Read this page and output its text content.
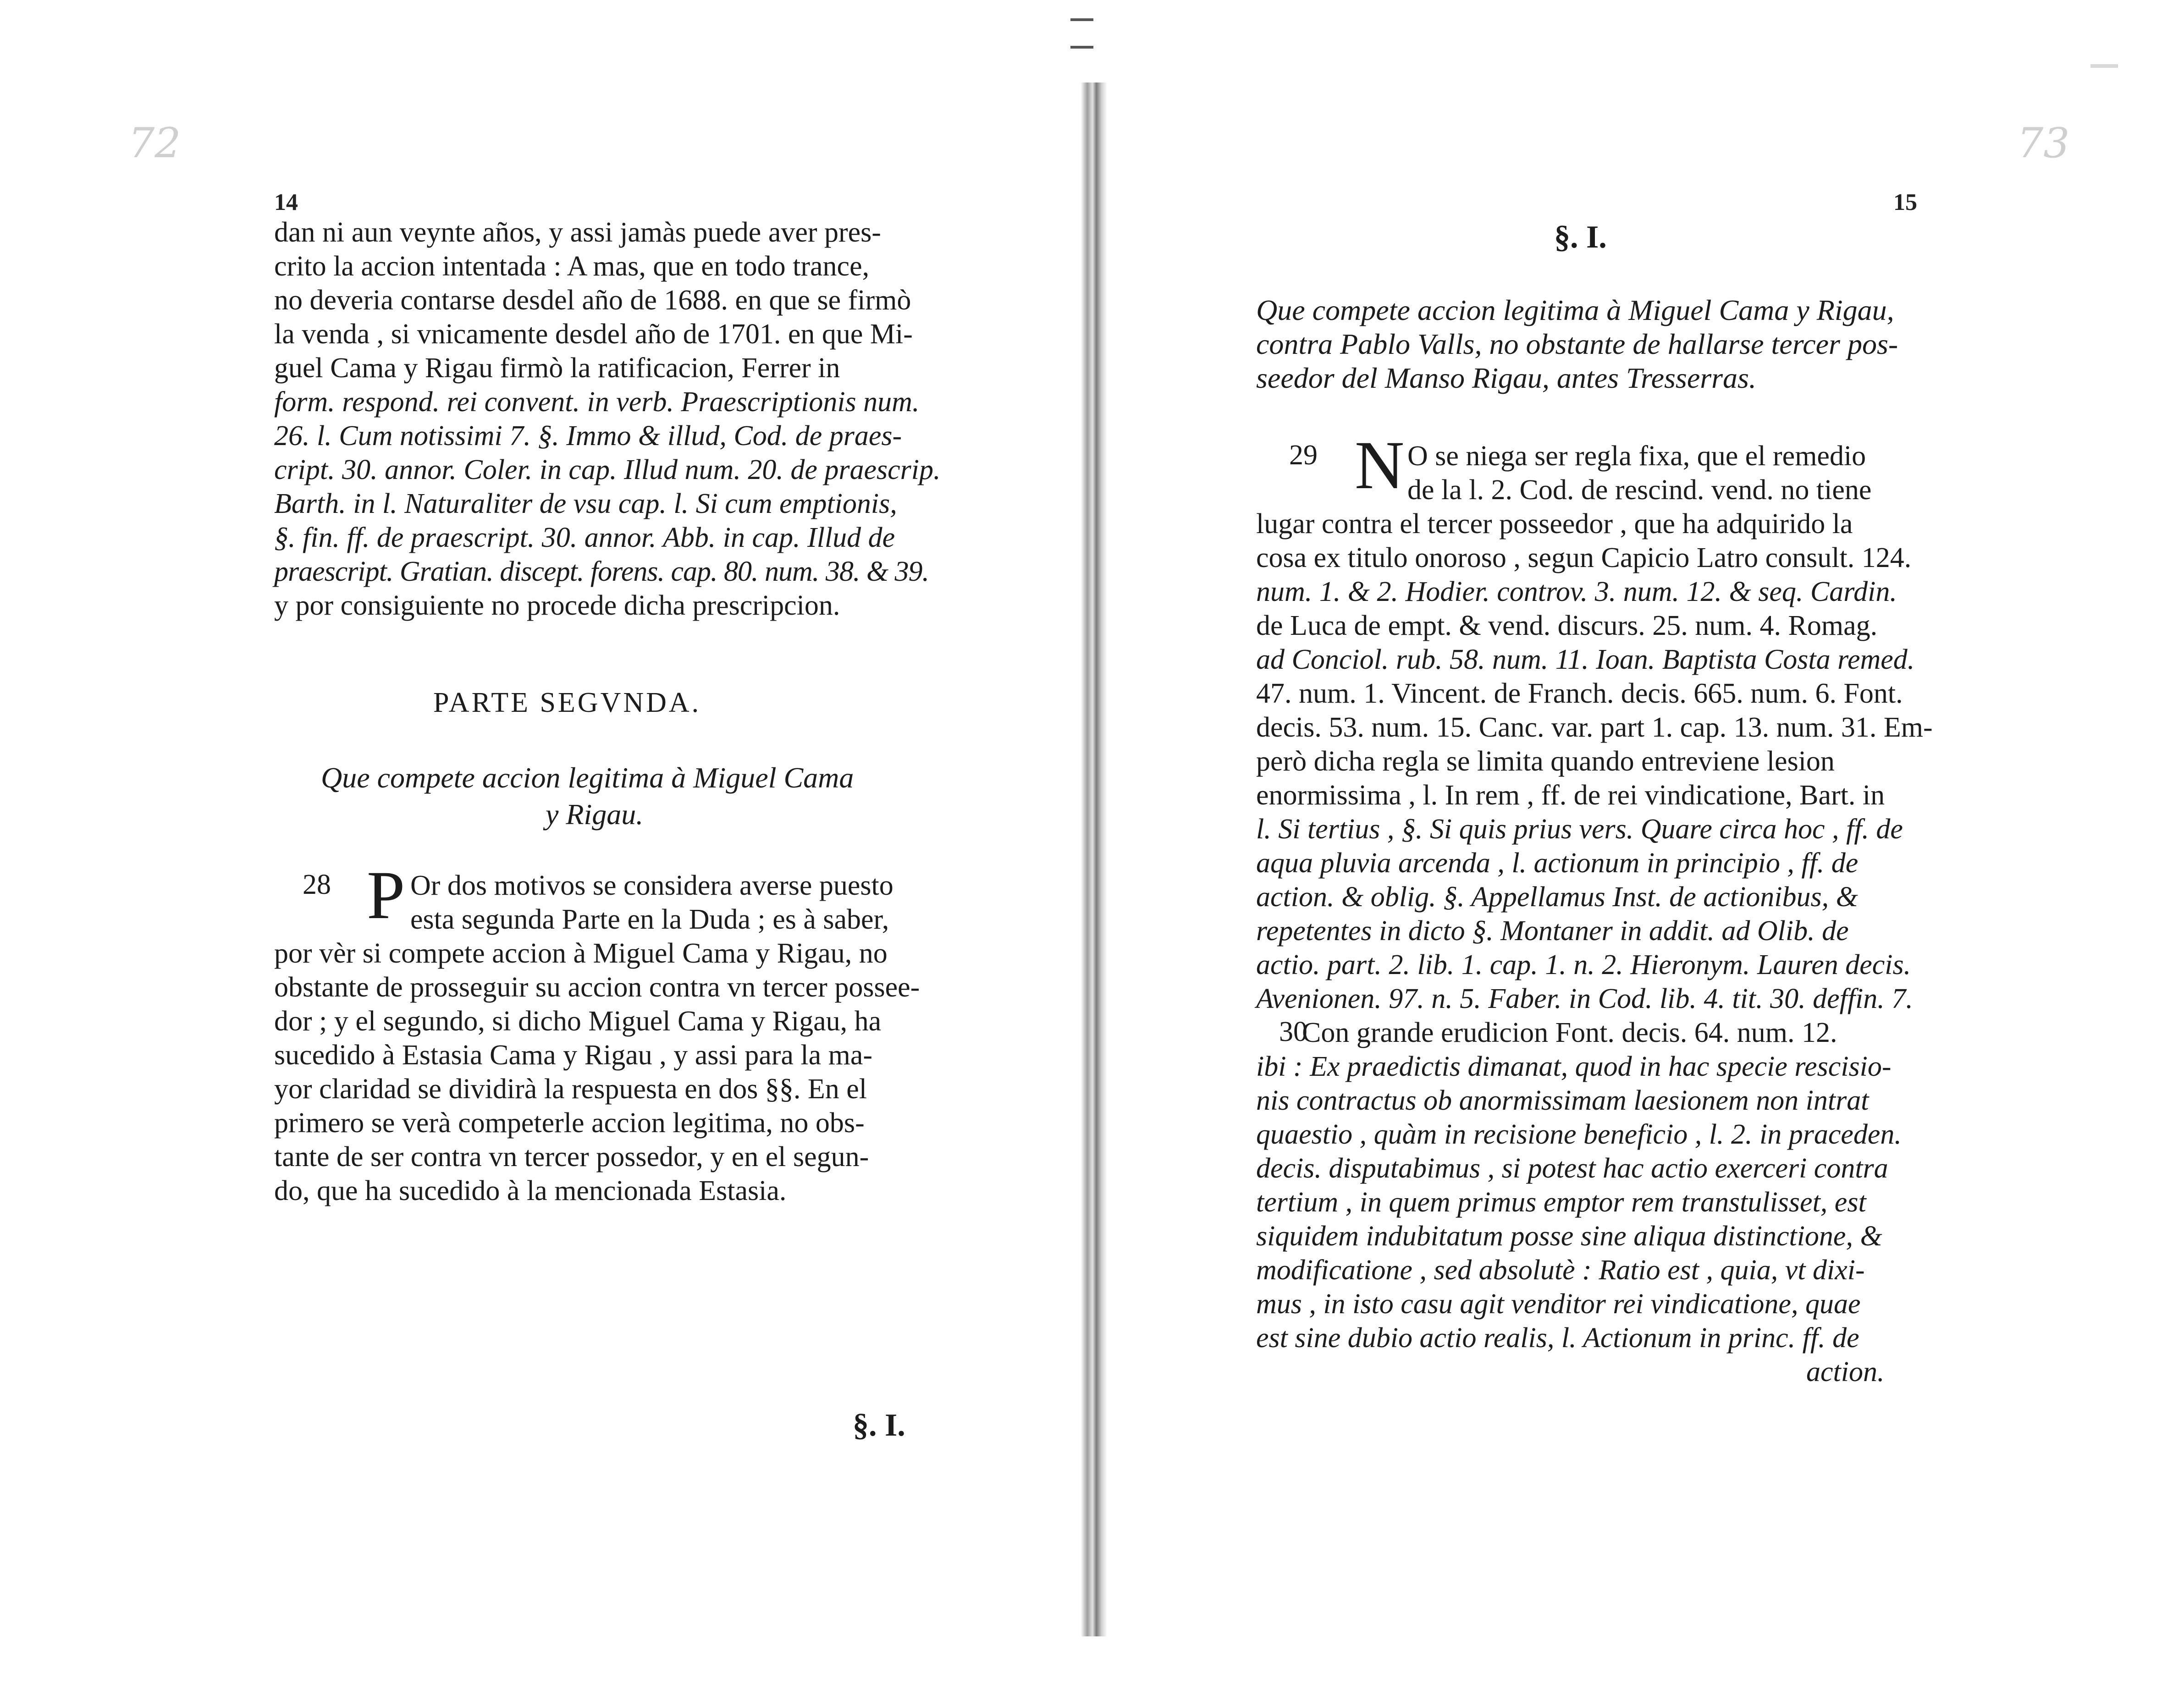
72
14
dan ni aun veynte años, y assi jamàs puede aver pres-
crito la accion intentada : A mas, que en todo trance,
no deveria contarse desdel año de 1688. en que se firmò
la venda , si vnicamente desdel año de 1701. en que Mi-
guel Cama y Rigau firmò la ratificacion, Ferrer in
form. respond. rei convent. in verb. Praescriptionis num.
26. l. Cum notissimi 7. §. Immo & illud, Cod. de praes-
cript. 30. annor. Coler. in cap. Illud num. 20. de praescrip.
Barth. in l. Naturaliter de vsu cap. l. Si cum emptionis,
§. fin. ff. de praescript. 30. annor. Abb. in cap. Illud de
praescript. Gratian. discept. forens. cap. 80. num. 38. & 39.
y por consiguiente no procede dicha prescripcion.
PARTE SEGVNDA.
Que compete accion legitima à Miguel Cama
y Rigau.
28 P Or dos motivos se considera averse puesto
esta segunda Parte en la Duda ; es à saber,
por vèr si compete accion à Miguel Cama y Rigau, no
obstante de prosseguir su accion contra vn tercer possee-
dor ; y el segundo, si dicho Miguel Cama y Rigau, ha
sucedido à Estasia Cama y Rigau , y assi para la ma-
yor claridad se dividirà la respuesta en dos §§. En el
primero se verà competerle accion legitima, no obs-
tante de ser contra vn tercer possedor, y en el segun-
do, que ha sucedido à la mencionada Estasia.
§. I.
73
15
§. I.
Que compete accion legitima à Miguel Cama y Rigau,
contra Pablo Valls, no obstante de hallarse tercer pos-
seedor del Manso Rigau, antes Tresserras.
29 N O se niega ser regla fixa, que el remedio
de la l. 2. Cod. de rescind. vend. no tiene
lugar contra el tercer posseedor , que ha adquirido la
cosa ex titulo onoroso , segun Capicio Latro consult. 124.
num. 1. & 2. Hodier. controv. 3. num. 12. & seq. Cardin.
de Luca de empt. & vend. discurs. 25. num. 4. Romag.
ad Conciol. rub. 58. num. 11. Ioan. Baptista Costa remed.
47. num. 1. Vincent. de Franch. decis. 665. num. 6. Font.
decis. 53. num. 15. Canc. var. part 1. cap. 13. num. 31. Em-
però dicha regla se limita quando entreviene lesion
enormissima , l. In rem , ff. de rei vindicatione, Bart. in
l. Si tertius , §. Si quis prius vers. Quare circa hoc , ff. de
aqua pluvia arcenda , l. actionum in principio , ff. de
action. & oblig. §. Appellamus Inst. de actionibus, &
repetentes in dicto §. Montaner in addit. ad Olib. de
actio. part. 2. lib. 1. cap. 1. n. 2. Hieronym. Lauren decis.
Avenionen. 97. n. 5. Faber. in Cod. lib. 4. tit. 30. deffin. 7.
30
Con grande erudicion Font. decis. 64. num. 12.
ibi : Ex praedictis dimanat, quod in hac specie rescisio-
nis contractus ob anormissimam laesionem non intrat
quaestio , quàm in recisione beneficio , l. 2. in praceden.
decis. disputabimus , si potest hac actio exerceri contra
tertium , in quem primus emptor rem transtulisset, est
siquidem indubitatum posse sine aliqua distinctione, &
modificatione , sed absolutè : Ratio est , quia, vt dixi-
mus , in isto casu agit venditor rei vindicatione, quae
est sine dubio actio realis, l. Actionum in princ. ff. de
action.
